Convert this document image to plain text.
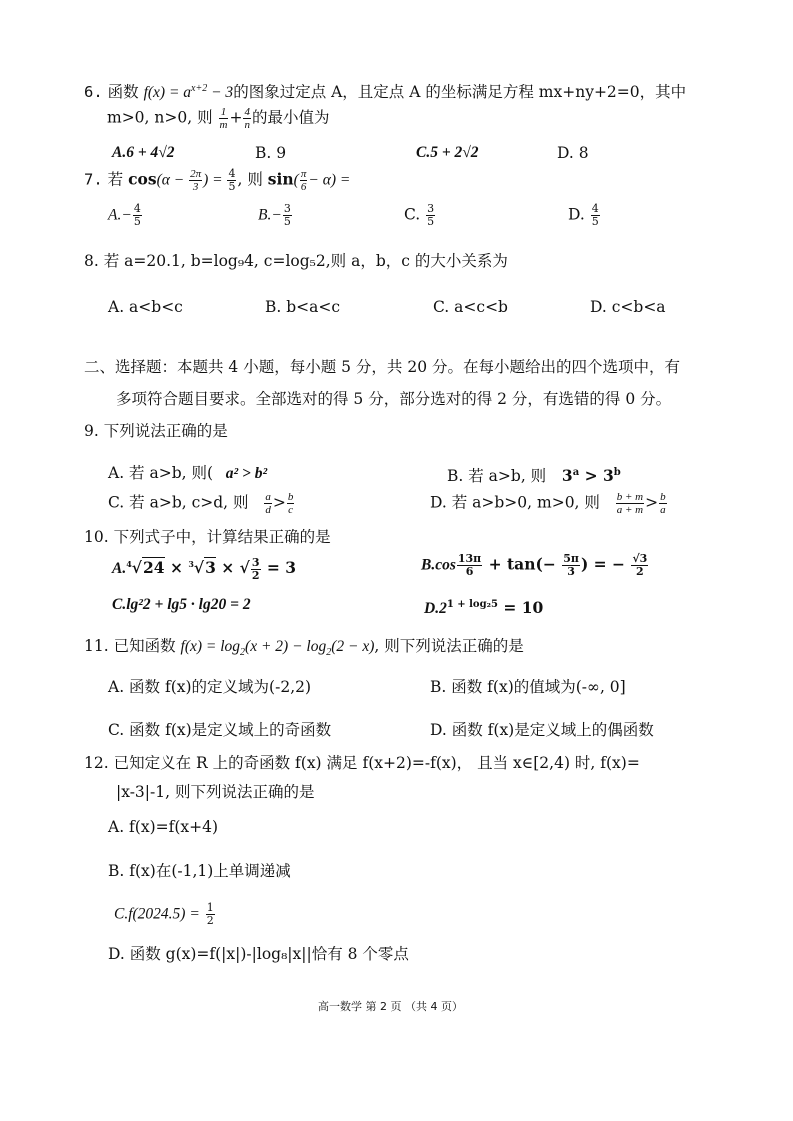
6. 函数 $f(x) = a^{x+2} - 3$的图象过定点 A，且定点 A 的坐标满足方程 mx+ny+2=0，其中
m>0, n>0, 则 $\frac{1}{m} + \frac{4}{n}$ 的最小值为
A.6 + 4√2	B. 9	C.5 + 2√2	D. 8
7. 若 $\cos(\alpha - \frac{2\pi}{3}$ ) = $\frac{4}{5}$ , 则 $\sin( \frac{\pi}{6} - \alpha)$ =
$A.- \frac{4}{5}$	$B.- \frac{3}{5}$	C. $\frac{3}{5}$	D. $\frac{4}{5}$
8. 若 a=20.1, b=log₉4, c=log₅2,则 a，b，c 的大小关系为
A. a<b<c	B. b<a<c	C. a<c<b	D. c<b<a
二、选择题：本题共 4 小题，每小题 5 分，共 20 分。在每小题给出的四个选项中，有
多项符合题目要求。全部选对的得 5 分，部分选对的得 2 分，有选错的得 0 分。
9. 下列说法正确的是
A. 若 a>b, 则(   a² > b²	B. 若 a>b, 则   $3^a > 3^b$
C. 若 a>b, c>d, 则 $\frac{a}{d} > \frac{b}{c}$	D. 若 a>b>0, m>0, 则 $\frac{b + m}{a + m} > \frac{b}{a}$
10. 下列式子中，计算结果正确的是
A.$^4$√24 × $^3$√3 × √ $\frac{3}{2} = 3$	$B.\cos \frac{13\pi}{6} + \tan(- \frac{5\pi}{3}$ ) = − $\frac{√3}{2}$
C.lg²2 + lg5 · lg20 = 2	$D.2^{1 + log_25} = 10$
11. 已知函数 $f(x) = \log_2(x + 2) - \log_2(2 - x)$, 则下列说法正确的是
A. 函数 f(x)的定义域为(-2,2)	B. 函数 f(x)的值域为(-∞, 0]
C. 函数 f(x)是定义域上的奇函数	D. 函数 f(x)是定义域上的偶函数
12. 已知定义在 R 上的奇函数 f(x) 满足 f(x+2)=-f(x)， 且当 x∈[2,4) 时, f(x)=
|x-3|-1, 则下列说法正确的是
A. f(x)=f(x+4)
B. f(x)在(-1,1)上单调递减
$C.f(2024.5) = \frac{1}{2}$
D. 函数 g(x)=f(|x|)-|log₈|x||恰有 8 个零点
高一数学 第 2 页 （共 4 页）
